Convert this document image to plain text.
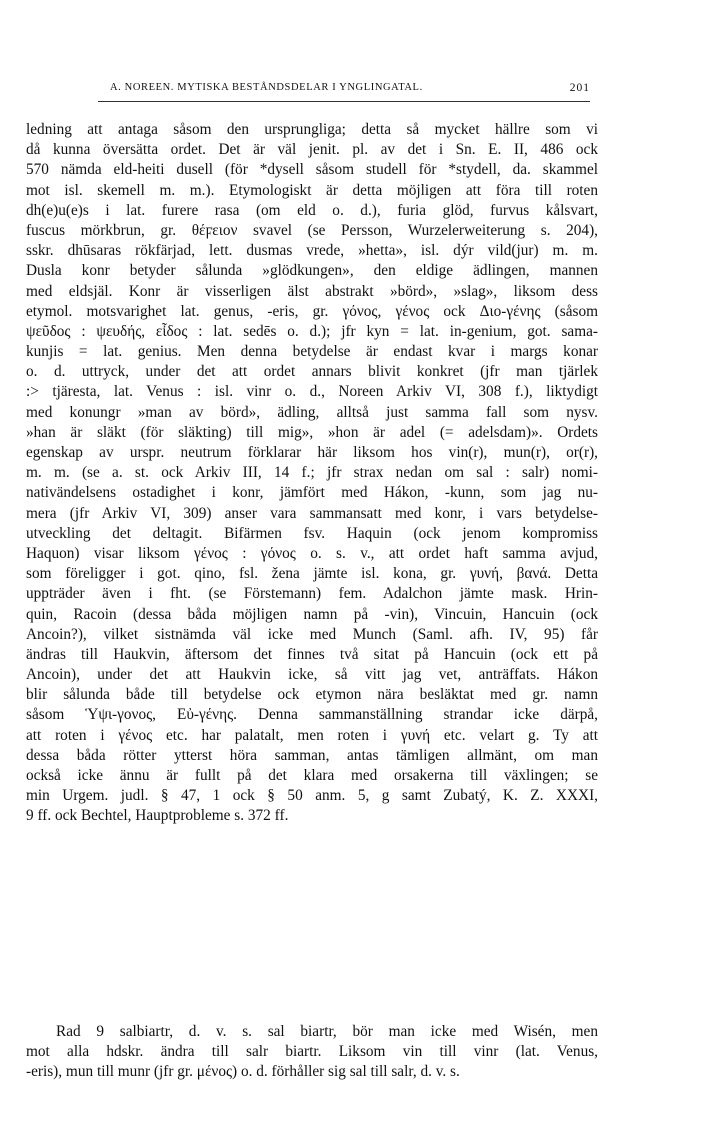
A. NOREEN. MYTISKA BESTÅNDSDELAR I YNGLINGATAL.	201
ledning att antaga såsom den ursprungliga; detta så mycket hällre som vi
då kunna översätta ordet. Det är väl jenit. pl. av det i Sn. E. II, 486 ock
570 nämda eld-heiti dusell (för *dysell såsom studell för *stydell, da. skammel
mot isl. skemell m. m.). Etymologiskt är detta möjligen att föra till roten
dh(e)u(e)s i lat. furere rasa (om eld o. d.), furia glöd, furvus kålsvart,
fuscus mörkbrun, gr. θέϝειον svavel (se Persson, Wurzelerweiterung s. 204),
sskr. dhūsaras rökfärjad, lett. dusmas vrede, »hetta», isl. dýr vild(jur) m. m.
Dusla konr betyder sålunda »glödkungen», den eldige ädlingen, mannen
med eldsjäl. Konr är visserligen älst abstrakt »börd», »slag», liksom dess
etymol. motsvarighet lat. genus, -eris, gr. γόνος, γένος ock Διο-γένης (såsom
ψεῦδος : ψευδής, εἶδος : lat. sedēs o. d.); jfr kyn = lat. in-genium, got. sama-
kunjis = lat. genius. Men denna betydelse är endast kvar i margs konar
o. d. uttryck, under det att ordet annars blivit konkret (jfr man tjärlek
:> tjäresta, lat. Venus : isl. vinr o. d., Noreen Arkiv VI, 308 f.), liktydigt
med konungr »man av börd», ädling, alltså just samma fall som nysv.
»han är släkt (för släkting) till mig», »hon är adel (= adelsdam)». Ordets
egenskap av urspr. neutrum förklarar här liksom hos vin(r), mun(r), or(r),
m. m. (se a. st. ock Arkiv III, 14 f.; jfr strax nedan om sal : salr) nomi-
nativändelsens ostadighet i konr, jämfört med Hákon, -kunn, som jag nu-
mera (jfr Arkiv VI, 309) anser vara sammansatt med konr, i vars betydelse-
utveckling det deltagit. Bifärmen fsv. Haquin (ock jenom kompromiss
Haquon) visar liksom γένος : γόνος o. s. v., att ordet haft samma avjud,
som föreligger i got. qino, fsl. žena jämte isl. kona, gr. γυνή, βανά. Detta
uppträder även i fht. (se Förstemann) fem. Adalchon jämte mask. Hrin-
quin, Racoin (dessa båda möjligen namn på -vin), Vincuin, Hancuin (ock
Ancoin?), vilket sistnämda väl icke med Munch (Saml. afh. IV, 95) får
ändras till Haukvin, äftersom det finnes två sitat på Hancuin (ock ett på
Ancoin), under det att Haukvin icke, så vitt jag vet, anträffats. Hákon
blir sålunda både till betydelse ock etymon nära besläktat med gr. namn
såsom Ὑψι-γονος, Εὐ-γένης. Denna sammanställning strandar icke därpå,
att roten i γένος etc. har palatalt, men roten i γυνή etc. velart g. Ty att
dessa båda rötter ytterst höra samman, antas tämligen allmänt, om man
också icke ännu är fullt på det klara med orsakerna till växlingen; se
min Urgem. judl. § 47, 1 ock § 50 anm. 5, g samt Zubatý, K. Z. XXXI,
9 ff. ock Bechtel, Hauptprobleme s. 372 ff.
Rad 9 salbiartr, d. v. s. sal biartr, bör man icke med Wisén, men
mot alla hdskr. ändra till salr biartr. Liksom vin till vinr (lat. Venus,
-eris), mun till munr (jfr gr. μένος) o. d. förhåller sig sal till salr, d. v. s.
